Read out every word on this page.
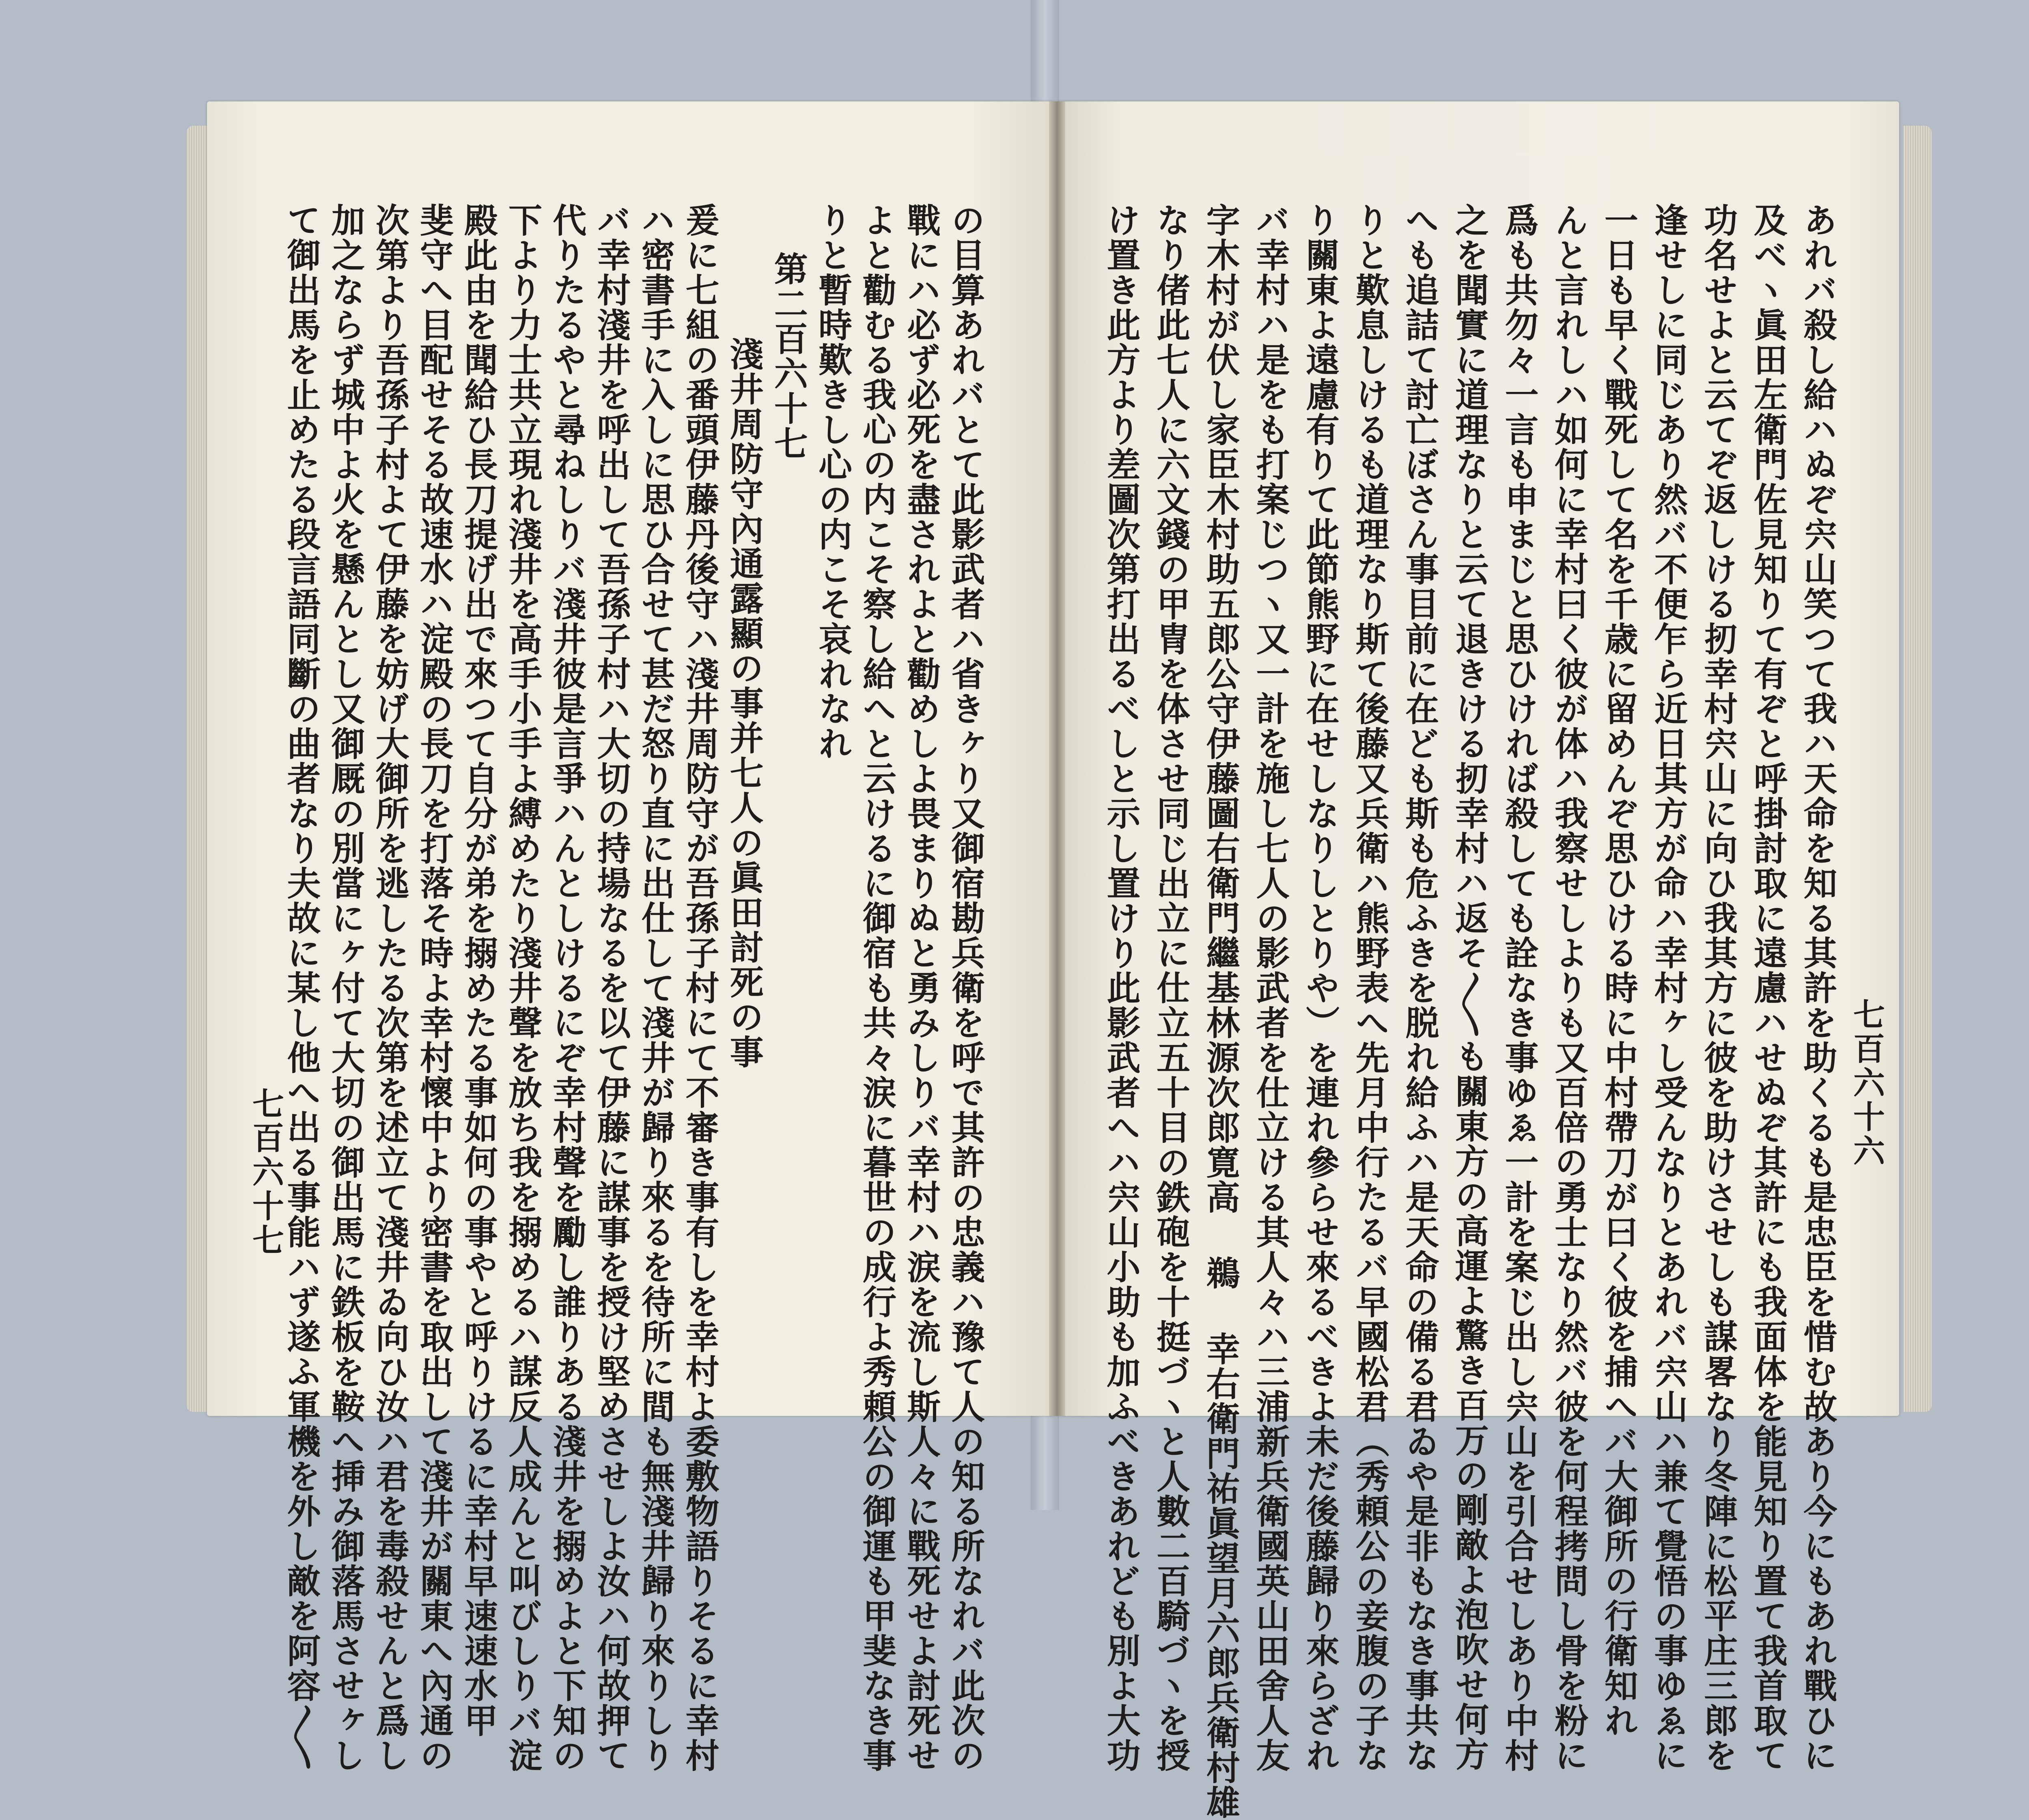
あれバ殺し給ハぬぞ宍山笑つて我ハ天命を知る其許を助くるも是忠臣を惜む故あり今にもあれ戰ひに
及べヽ眞田左衛門佐見知りて有ぞと呼掛討取に遠慮ハせぬぞ其許にも我面体を能見知り置て我首取て
功名せよと云てぞ返しける扨幸村宍山に向ひ我其方に彼を助けさせしも謀畧なり冬陣に松平庄三郎を
逢せしに同じあり然バ不便乍ら近日其方が命ハ幸村ヶし受んなりとあれバ宍山ハ兼て覺悟の事ゆゑに
一日も早く戰死して名を千歳に留めんぞ思ひける時に中村帶刀が曰く彼を捕へバ大御所の行衛知れ
んと言れしハ如何に幸村曰く彼が体ハ我察せしよりも又百倍の勇士なり然バ彼を何程拷問し骨を粉に
爲も共勿々一言も申まじと思ひければ殺しても詮なき事ゆゑ一計を案じ出し宍山を引合せしあり中村
之を聞實に道理なりと云て退きける扨幸村ハ返そ〳〵も關東方の高運よ驚き百万の剛敵よ泡吹せ何方
へも追詰て討亡ぼさん事目前に在ども斯も危ふきを脱れ給ふハ是天命の備る君ゐや是非もなき事共な
りと歎息しけるも道理なり斯て後藤又兵衛ハ熊野表へ先月中行たるバ早國松君（秀頼公の妾腹の子な
り關東よ遠慮有りて此節熊野に在せしなりしとりや）を連れ參らせ來るべきよ未だ後藤歸り來らざれ
バ幸村ハ是をも打案じつヽ又一計を施し七人の影武者を仕立ける其人々ハ三浦新兵衛國英山田舍人友
字木村が伏し家臣木村助五郎公守伊藤圖右衛門繼基林源次郎寛高 鵜 幸右衛門祐眞望月六郎兵衛村雄
なり偖此七人に六文錢の甲冑を体させ同じ出立に仕立五十目の鉄砲を十挺づヽと人數二百騎づヽを授
け置き此方より差圖次第打出るべしと示し置けり此影武者へハ宍山小助も加ふべきあれども別よ大功	七百六十六
の目算あれバとて此影武者ハ省きヶり又御宿勘兵衛を呼で其許の忠義ハ豫て人の知る所なれバ此次の
戰にハ必ず必死を盡されよと勸めしよ畏まりぬと勇みしりバ幸村ハ涙を流し斯人々に戰死せよ討死せ
よと勸むる我心の内こそ察し給へと云けるに御宿も共々涙に暮世の成行よ秀頼公の御運も甲斐なき事
りと暫時歎きし心の内こそ哀れなれ
第二百六十七
淺井周防守內通露顯の事并七人の眞田討死の事
爰に七組の番頭伊藤丹後守ハ淺井周防守が吾孫子村にて不審き事有しを幸村よ委敷物語りそるに幸村
ハ密書手に入しに思ひ合せて甚だ怒り直に出仕して淺井が歸り來るを待所に間も無淺井歸り來りしり
バ幸村淺井を呼出して吾孫子村ハ大切の持場なるを以て伊藤に謀事を授け堅めさせしよ汝ハ何故押て
代りたるやと尋ねしりバ淺井彼是言爭ハんとしけるにぞ幸村聲を勵し誰りある淺井を搦めよと下知の
下より力士共立現れ淺井を高手小手よ縛めたり淺井聲を放ち我を搦めるハ謀反人成んと叫びしりバ淀
殿此由を聞給ひ長刀提げ出で來つて自分が弟を搦めたる事如何の事やと呼りけるに幸村早速速水甲
斐守へ目配せそる故速水ハ淀殿の長刀を打落そ時よ幸村懷中より密書を取出して淺井が關東へ內通の
次第より吾孫子村よて伊藤を妨げ大御所を逃したる次第を述立て淺井ゐ向ひ汝ハ君を毒殺せんと爲し
加之ならず城中よ火を懸んとし又御厩の別當にヶ付て大切の御出馬に鉄板を鞍へ挿み御落馬させヶし
て御出馬を止めたる段言語同斷の曲者なり夫故に某し他へ出る事能ハず遂ふ軍機を外し敵を阿容〳〵
七百六十七
